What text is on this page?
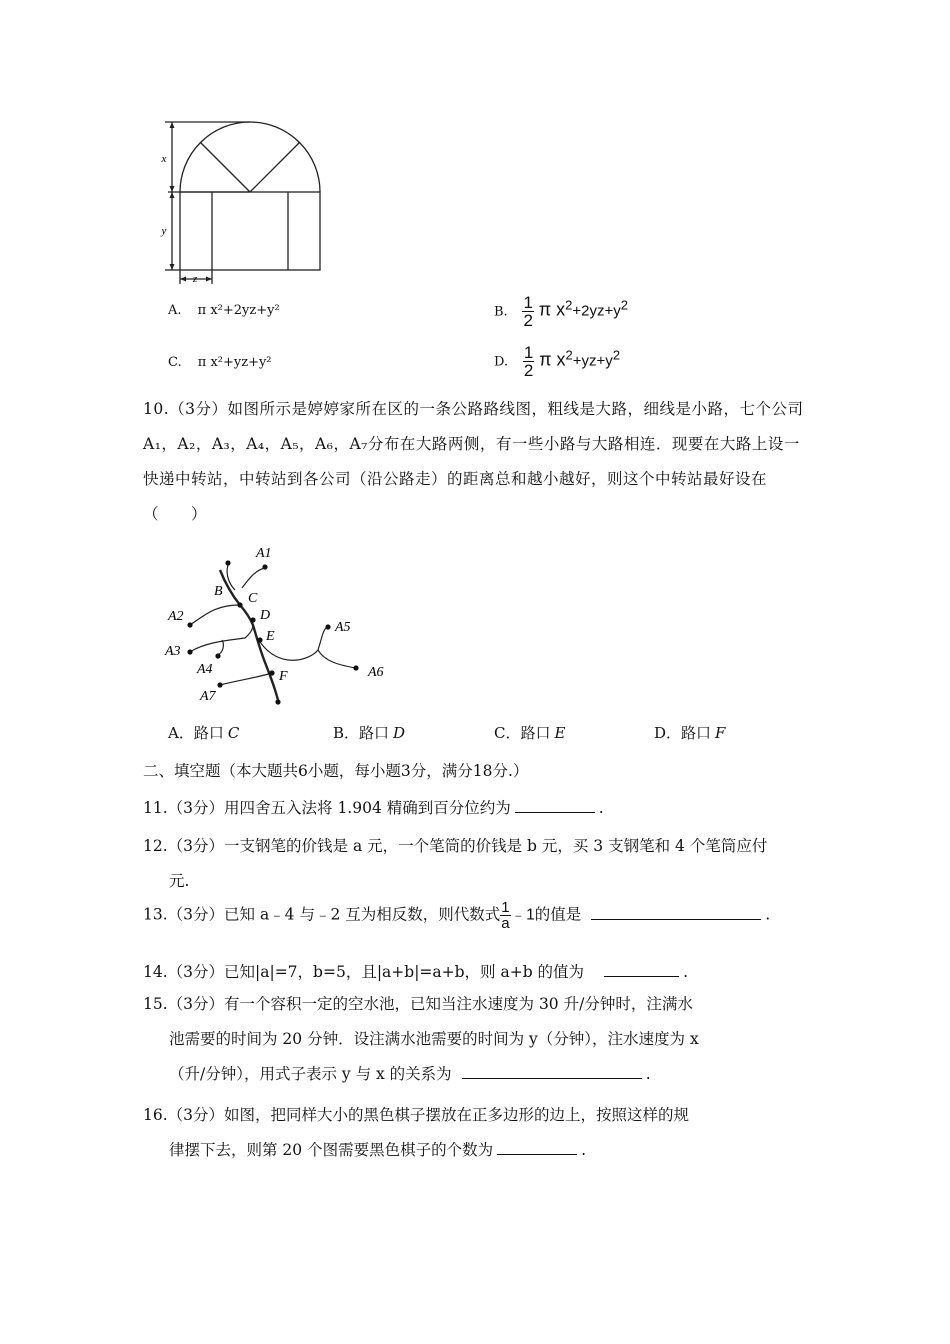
x
y
z
A. π x²+2yz+y²	B. $\frac{1}{2}$ π $x^2+2yz+y^2$
C. π x²+yz+y²	D. $\frac{1}{2}$ π $x^2+yz+y^2$
10.（3分）如图所示是婷婷家所在区的一条公路路线图，粗线是大路，细线是小路，七个公司 A₁，A₂，A₃，A₄，A₅，A₆，A₇分布在大路两侧，有一些小路与大路相连．现要在大路上设一快递中转站，中转站到各公司（沿公路走）的距离总和越小越好，则这个中转站最好设在（　　）
A1
B C
D
A2
E
A5
A3
A4	A6
F
A7
A．路口 C	B．路口 D	C．路口 E	D．路口 F
二、填空题（本大题共6小题，每小题3分，满分18分.）
11.（3分）用四舍五入法将 1.904 精确到百分位约为	.
12.（3分）一支钢笔的价钱是 a 元，一个笔筒的价钱是 b 元，买 3 支钢笔和 4 个笔筒应付
元.
13.（3分）已知 a﹣4 与﹣2 互为相反数，则代数式 $\frac{1}{a}$ ﹣1的值是	.
14.（3分）已知|a|=7，b=5，且|a+b|=a+b，则 a+b 的值为	.
15.（3分）有一个容积一定的空水池，已知当注水速度为 30 升/分钟时，注满水
池需要的时间为 20 分钟．设注满水池需要的时间为 y（分钟），注水速度为 x
（升/分钟），用式子表示 y 与 x 的关系为	.
16.（3分）如图，把同样大小的黑色棋子摆放在正多边形的边上，按照这样的规
律摆下去，则第 20 个图需要黑色棋子的个数为	.
